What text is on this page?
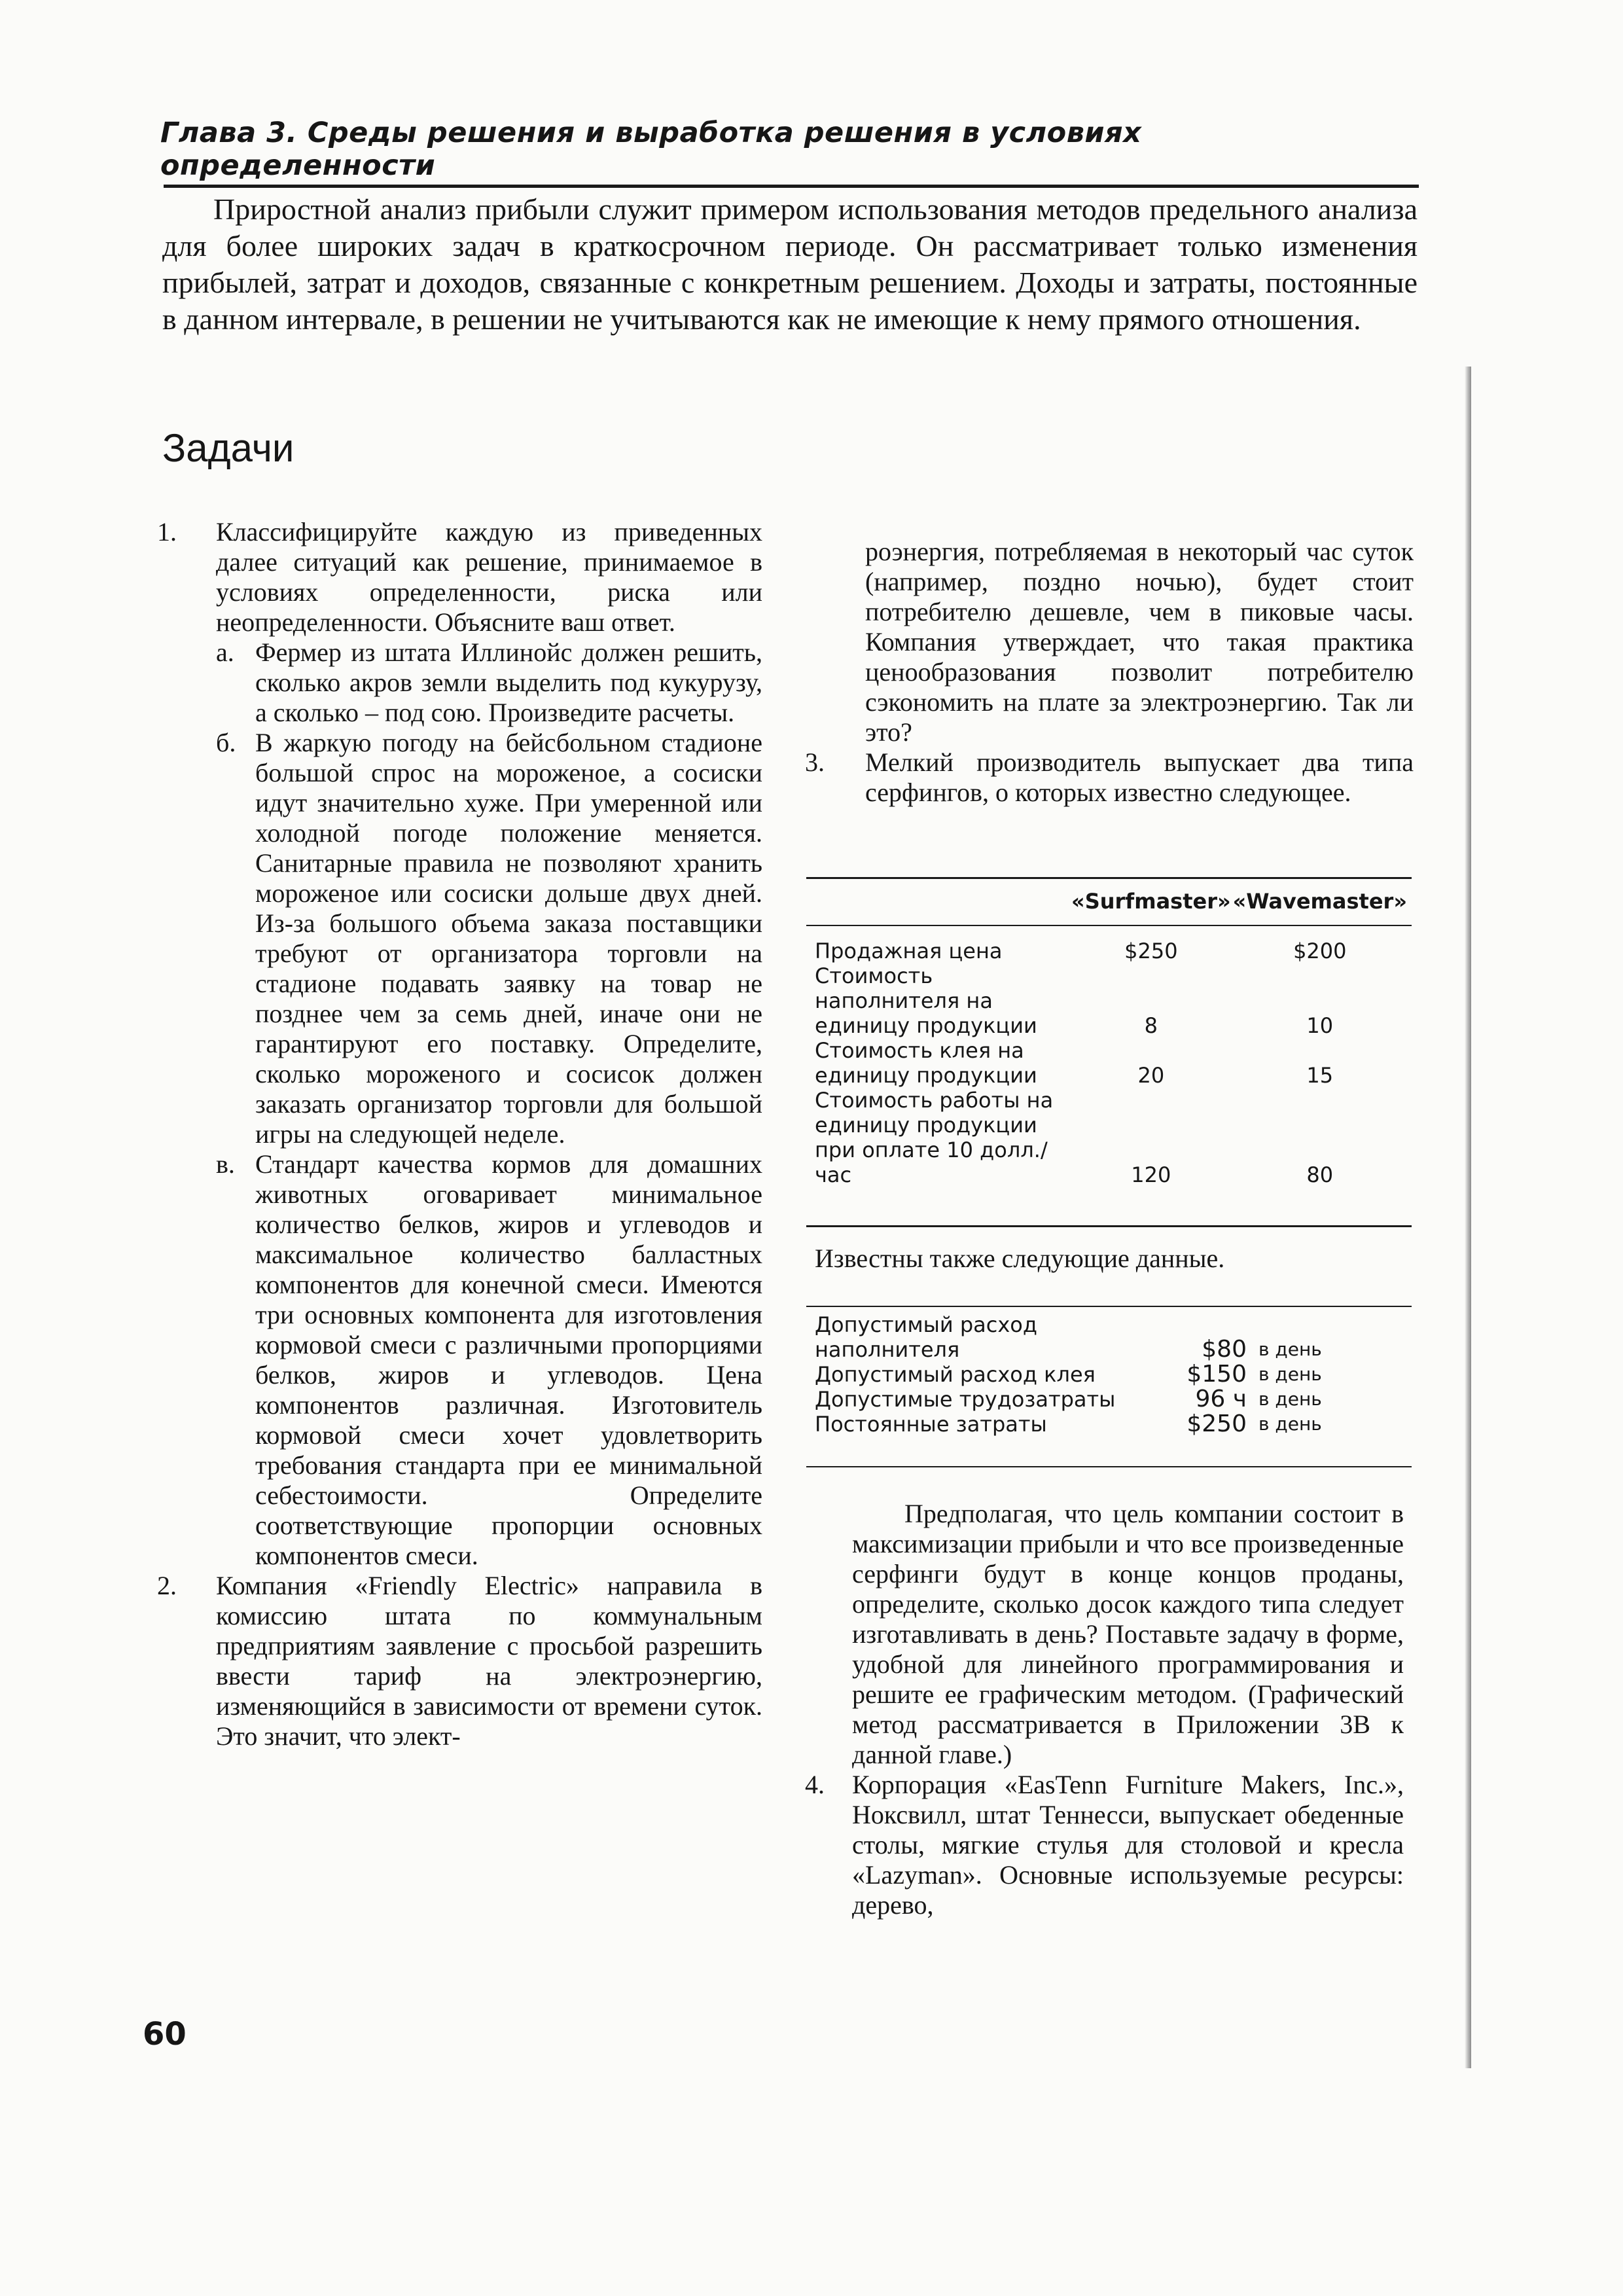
Глава 3. Среды решения и выработка решения в условиях определенности
Приростной анализ прибыли служит примером использования методов предельного анализа для более широких задач в краткосрочном периоде. Он рассматривает только изменения прибылей, затрат и доходов, связанные с конкретным решением. Доходы и затраты, постоянные в данном интервале, в решении не учитываются как не имеющие к нему прямого отношения.
Задачи
1. Классифицируйте каждую из приведенных далее ситуаций как решение, принимаемое в условиях определенности, риска или неопределенности. Объясните ваш ответ.
а. Фермер из штата Иллинойс должен решить, сколько акров земли выделить под кукурузу, а сколько – под сою. Произведите расчеты.
б. В жаркую погоду на бейсбольном стадионе большой спрос на мороженое, а сосиски идут значительно хуже. При умеренной или холодной погоде положение меняется. Санитарные правила не позволяют хранить мороженое или сосиски дольше двух дней. Из-за большого объема заказа поставщики требуют от организатора торговли на стадионе подавать заявку на товар не позднее чем за семь дней, иначе они не гарантируют его поставку. Определите, сколько мороженого и сосисок должен заказать организатор торговли для большой игры на следующей неделе.
в. Стандарт качества кормов для домашних животных оговаривает минимальное количество белков, жиров и углеводов и максимальное количество балластных компонентов для конечной смеси. Имеются три основных компонента для изготовления кормовой смеси с различными пропорциями белков, жиров и углеводов. Цена компонентов различная. Изготовитель кормовой смеси хочет удовлетворить требования стандарта при ее минимальной себестоимости. Определите соответствующие пропорции основных компонентов смеси.
2. Компания «Friendly Electric» направила в комиссию штата по коммунальным предприятиям заявление с просьбой разрешить ввести тариф на электроэнергию, изменяющийся в зависимости от времени суток. Это значит, что элект-
роэнергия, потребляемая в некоторый час суток (например, поздно ночью), будет стоит потребителю дешевле, чем в пиковые часы. Компания утверждает, что такая практика ценообразования позволит потребителю сэкономить на плате за электроэнергию. Так ли это?
3. Мелкий производитель выпускает два типа серфингов, о которых известно следующее.
	«Surfmaster»	«Wavemaster»

Продажная цена	$250	$200
Стоимость наполнителя на единицу продукции	8	10
Стоимость клея на единицу продукции	20	15
Стоимость работы на единицу продукции при оплате 10 долл./час	120	80
Известны также следующие данные.
Допустимый расход наполнителя	$80	в день
Допустимый расход клея	$150	в день
Допустимые трудозатраты	96 ч	в день
Постоянные затраты	$250	в день
Предполагая, что цель компании состоит в максимизации прибыли и что все произведенные серфинги будут в конце концов проданы, определите, сколько досок каждого типа следует изготавливать в день? Поставьте задачу в форме, удобной для линейного программирования и решите ее графическим методом. (Графический метод рассматривается в Приложении 3В к данной главе.)
4. Корпорация «EasTenn Furniture Makers, Inc.», Ноксвилл, штат Теннесси, выпускает обеденные столы, мягкие стулья для столовой и кресла «Lazyman». Основные используемые ресурсы: дерево,
60
